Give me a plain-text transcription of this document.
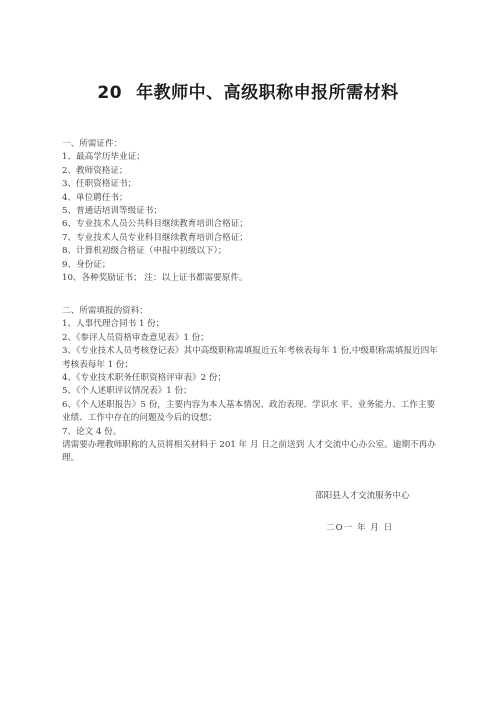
20 年教师中、高级职称申报所需材料
一、所需证件：
1、最高学历毕业证；
2、教师资格证；
3、任职资格证书；
4、单位聘任书；
5、普通话培训等级证书；
6、专业技术人员公共科目继续教育培训合格证；
7、专业技术人员专业科目继续教育培训合格证；
8、计算机初级合格证（申报中初级以下）；
9、身份证；
10、各种奖励证书； 注：以上证书都需要原件。
二、所需填报的资料：
1、人事代理合同书 1 份；
2、《参评人员资格审查意见表》1 份；
3、《专业技术人员考核登记表》其中高级职称需填报近五年考核表每年 1 份,中级职称需填报近四年考核表每年 1 份；
4、《专业技术职务任职资格评审表》2 份；
5、《个人述职评议情况表》1 份；
6、《个人述职报告》5 份，主要内容为本人基本情况、政治表现、学识水 平、业务能力、工作主要业绩、工作中存在的问题及今后的设想；
7、论文 4 份。
请需要办理教师职称的人员将相关材料于 201 年 月 日之前送到 人才交流中心办公室。逾期不再办理。
邵阳县人才交流服务中心
二O一 年 月 日
